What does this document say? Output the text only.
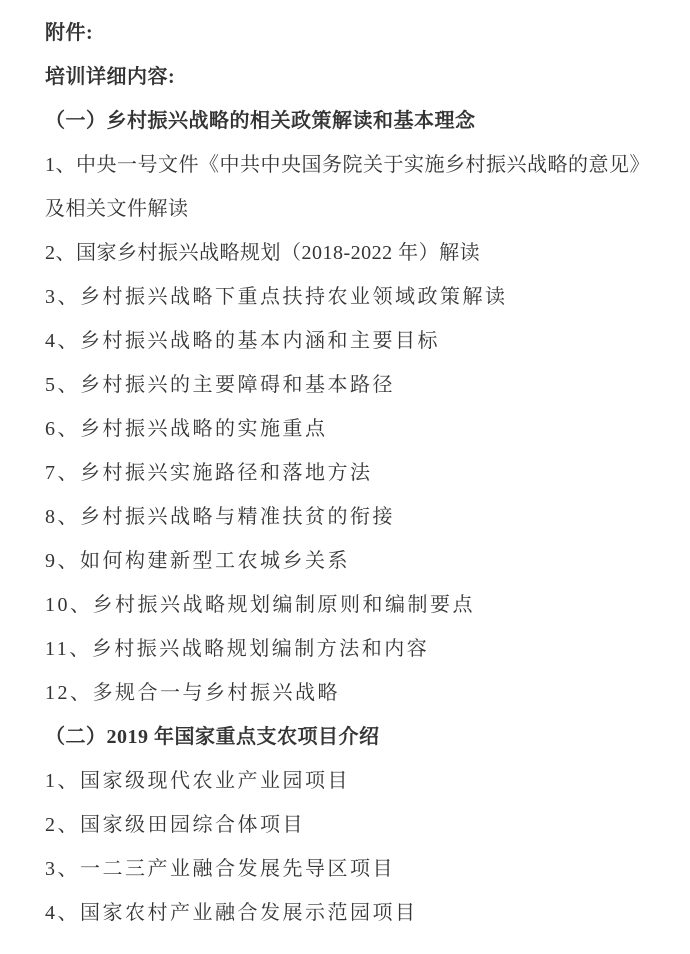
附件:

培训详细内容:

（一）乡村振兴战略的相关政策解读和基本理念

1、中央一号文件《中共中央国务院关于实施乡村振兴战略的意见》

及相关文件解读

2、国家乡村振兴战略规划（2018-2022 年）解读

3、乡村振兴战略下重点扶持农业领域政策解读

4、乡村振兴战略的基本内涵和主要目标

5、乡村振兴的主要障碍和基本路径

6、乡村振兴战略的实施重点

7、乡村振兴实施路径和落地方法

8、乡村振兴战略与精准扶贫的衔接

9、如何构建新型工农城乡关系

10、乡村振兴战略规划编制原则和编制要点

11、乡村振兴战略规划编制方法和内容

12、多规合一与乡村振兴战略

（二）2019 年国家重点支农项目介绍

1、国家级现代农业产业园项目

2、国家级田园综合体项目

3、一二三产业融合发展先导区项目

4、国家农村产业融合发展示范园项目
